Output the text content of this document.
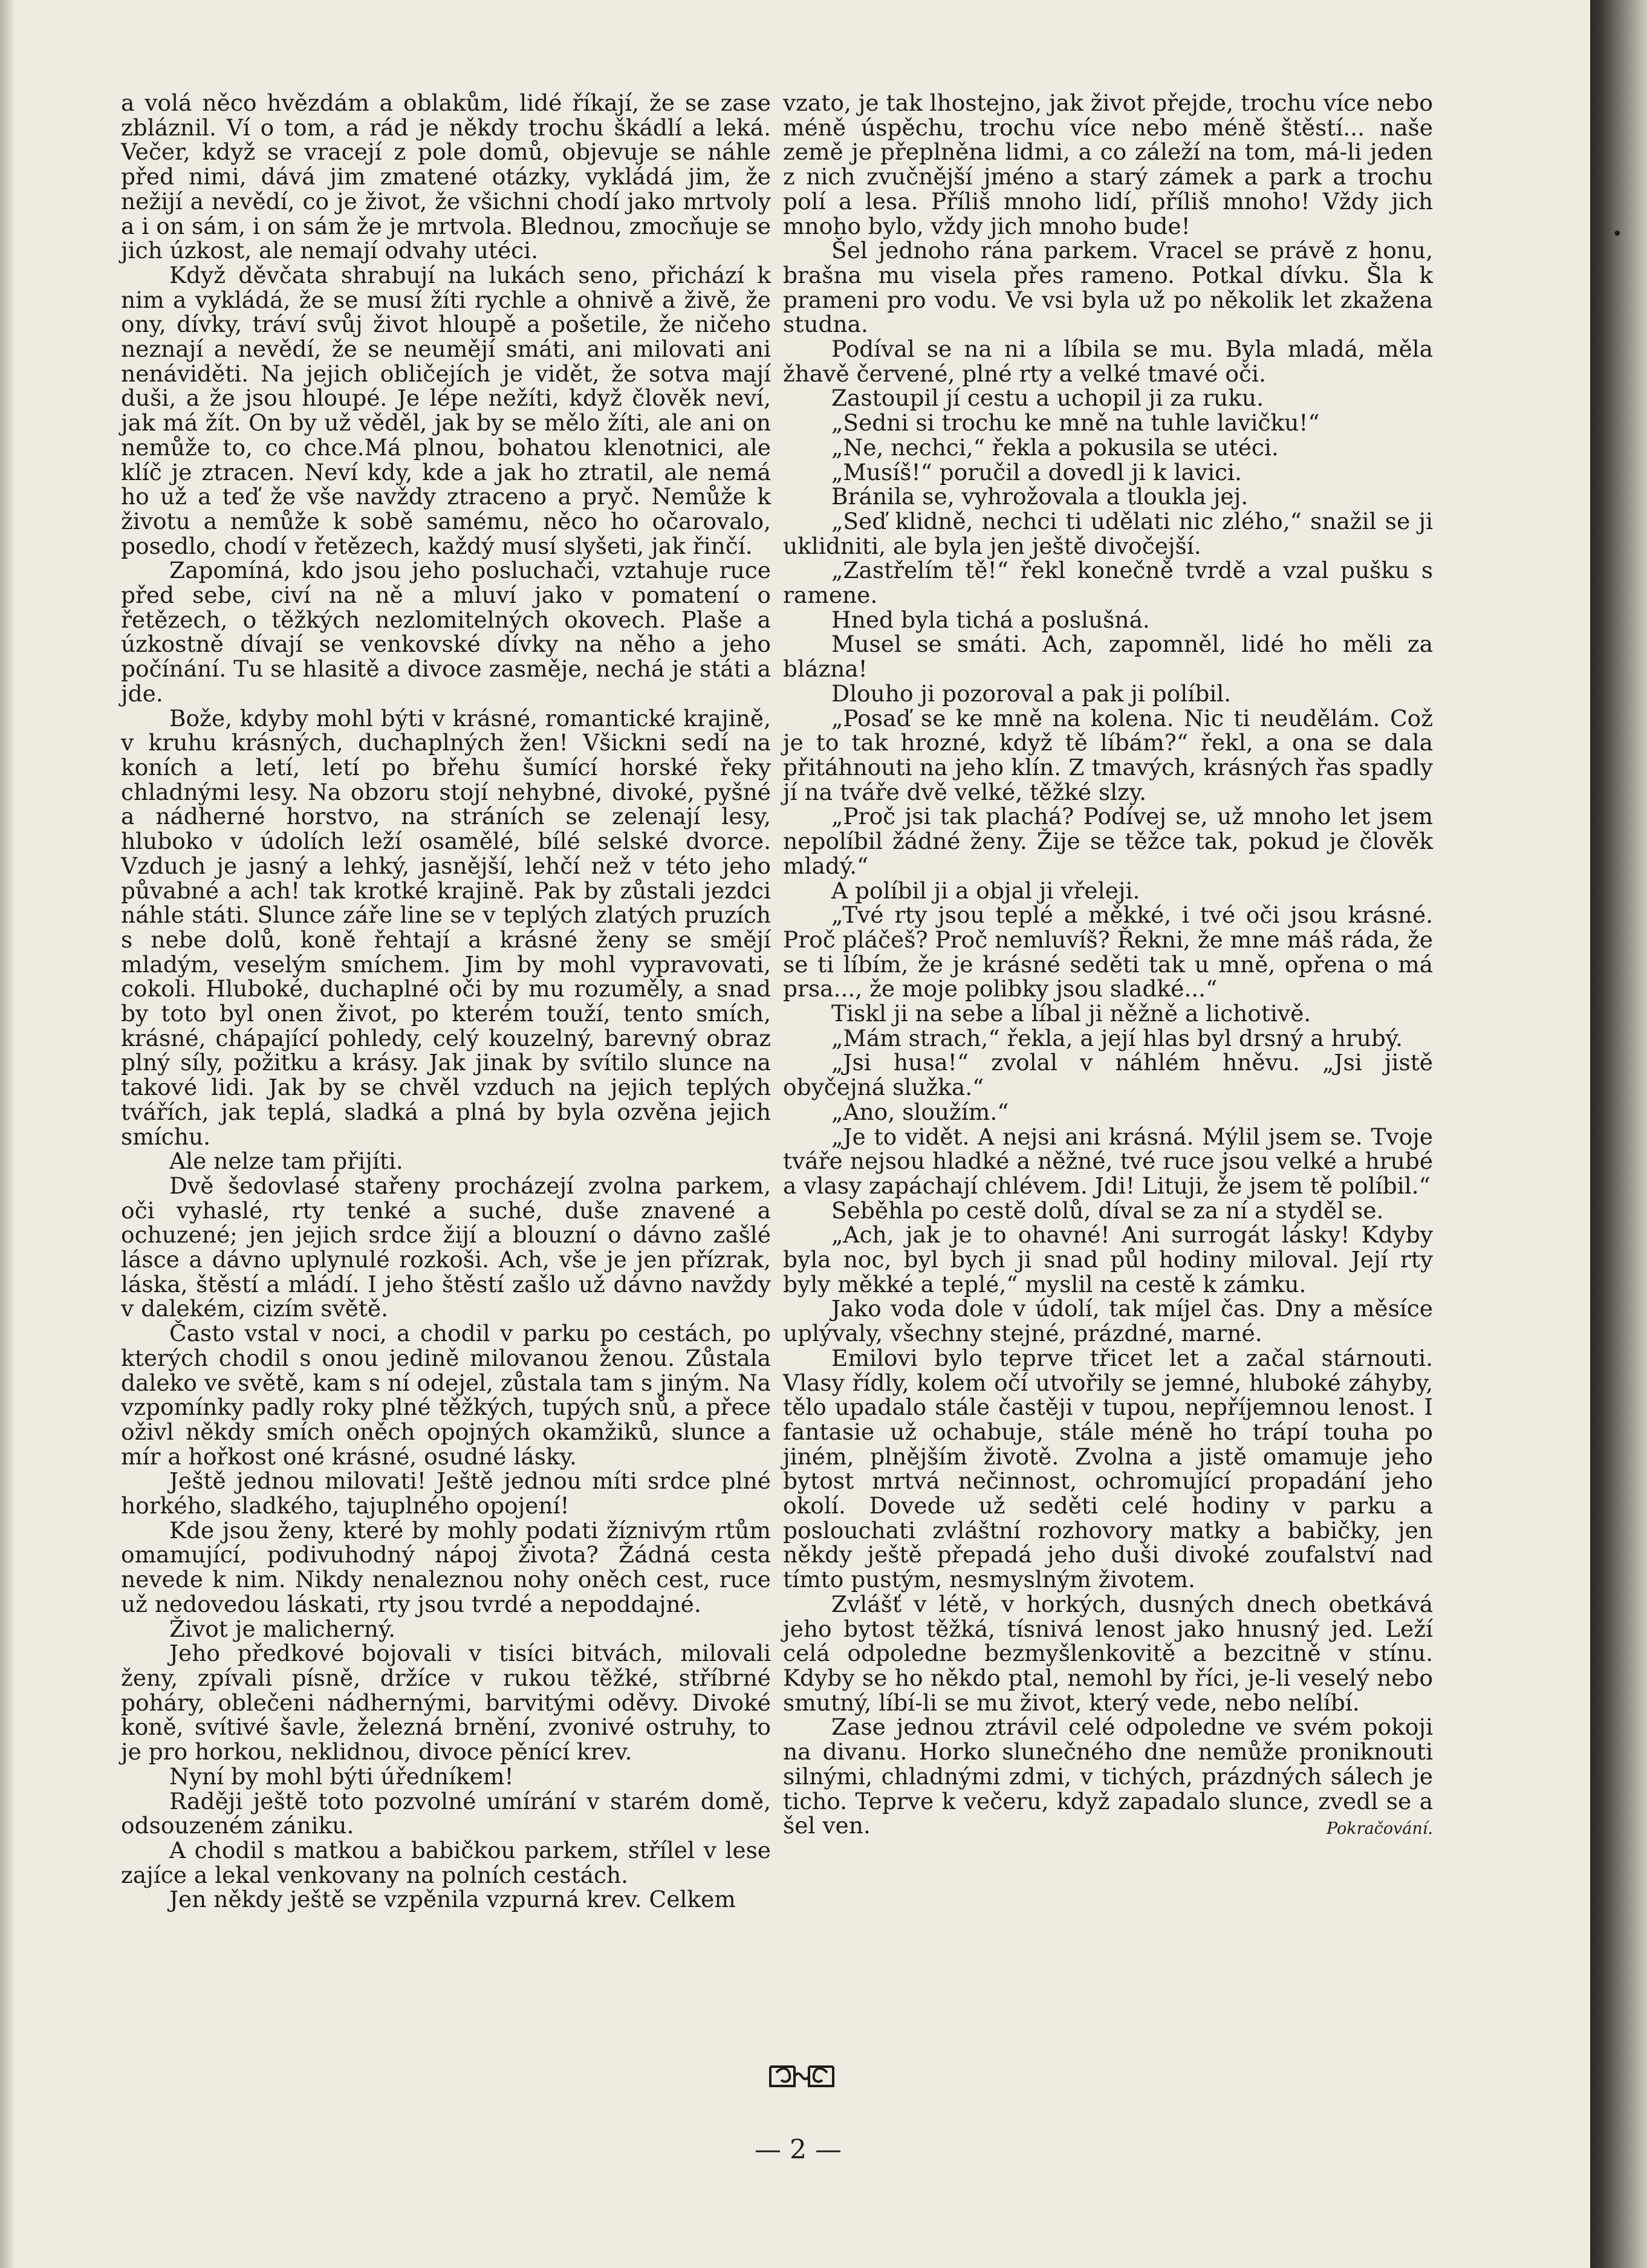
a volá něco hvězdám a oblakům, lidé říkají, že se zase zbláznil. Ví o tom, a rád je někdy trochu škádlí a leká. Večer, když se vracejí z pole domů, objevuje se náhle před nimi, dává jim zmatené otázky, vykládá jim, že nežijí a nevědí, co je život, že všichni chodí jako mrtvoly a i on sám, i on sám že je mrtvola. Blednou, zmocňuje se jich úzkost, ale nemají odvahy utéci.

Když děvčata shrabují na lukách seno, přichází k nim a vykládá, že se musí žíti rychle a ohnivě a živě, že ony, dívky, tráví svůj život hloupě a pošetile, že ničeho neznají a nevědí, že se neumějí smáti, ani milovati ani nenáviděti. Na jejich obličejích je vidět, že sotva mají duši, a že jsou hloupé. Je lépe nežíti, když člověk neví, jak má žít. On by už věděl, jak by se mělo žíti, ale ani on nemůže to, co chce.Má plnou, bohatou klenotnici, ale klíč je ztracen. Neví kdy, kde a jak ho ztratil, ale nemá ho už a teď že vše navždy ztraceno a pryč. Nemůže k životu a nemůže k sobě samému, něco ho očarovalo, posedlo, chodí v řetězech, každý musí slyšeti, jak řinčí.

Zapomíná, kdo jsou jeho posluchači, vztahuje ruce před sebe, civí na ně a mluví jako v pomatení o řetězech, o těžkých nezlomitelných okovech. Plaše a úzkostně dívají se venkovské dívky na něho a jeho počínání. Tu se hlasitě a divoce zasměje, nechá je státi a jde.

Bože, kdyby mohl býti v krásné, romantické krajině, v kruhu krásných, duchaplných žen! Všickni sedí na koních a letí, letí po břehu šumící horské řeky chladnými lesy. Na obzoru stojí nehybné, divoké, pyšné a nádherné horstvo, na stráních se zelenají lesy, hluboko v údolích leží osamělé, bílé selské dvorce. Vzduch je jasný a lehký, jasnější, lehčí než v této jeho půvabné a ach! tak krotké krajině. Pak by zůstali jezdci náhle státi. Slunce záře line se v teplých zlatých pruzích s nebe dolů, koně řehtají a krásné ženy se smějí mladým, veselým smíchem. Jim by mohl vypravovati, cokoli. Hluboké, duchaplné oči by mu rozuměly, a snad by toto byl onen život, po kterém touží, tento smích, krásné, chápající pohledy, celý kouzelný, barevný obraz plný síly, požitku a krásy. Jak jinak by svítilo slunce na takové lidi. Jak by se chvěl vzduch na jejich teplých tvářích, jak teplá, sladká a plná by byla ozvěna jejich smíchu.

Ale nelze tam přijíti.

Dvě šedovlasé stařeny procházejí zvolna parkem, oči vyhaslé, rty tenké a suché, duše znavené a ochuzené; jen jejich srdce žijí a blouzní o dávno zašlé lásce a dávno uplynulé rozkoši. Ach, vše je jen přízrak, láska, štěstí a mládí. I jeho štěstí zašlo už dávno navždy v dalekém, cizím světě.

Často vstal v noci, a chodil v parku po cestách, po kterých chodil s onou jedině milovanou ženou. Zůstala daleko ve světě, kam s ní odejel, zůstala tam s jiným. Na vzpomínky padly roky plné těžkých, tupých snů, a přece oživl někdy smích oněch opojných okamžiků, slunce a mír a hořkost oné krásné, osudné lásky.

Ještě jednou milovati! Ještě jednou míti srdce plné horkého, sladkého, tajuplného opojení!

Kde jsou ženy, které by mohly podati žíznivým rtům omamující, podivuhodný nápoj života? Žádná cesta nevede k nim. Nikdy nenaleznou nohy oněch cest, ruce už nedovedou láskati, rty jsou tvrdé a nepoddajné.

Život je malicherný.

Jeho předkové bojovali v tisíci bitvách, milovali ženy, zpívali písně, držíce v rukou těžké, stříbrné poháry, oblečeni nádhernými, barvitými oděvy. Divoké koně, svítivé šavle, železná brnění, zvonivé ostruhy, to je pro horkou, neklidnou, divoce pěnící krev.

Nyní by mohl býti úředníkem!

Raději ještě toto pozvolné umírání v starém domě, odsouzeném zániku.

A chodil s matkou a babičkou parkem, střílel v lese zajíce a lekal venkovany na polních cestách.

Jen někdy ještě se vzpěnila vzpurná krev. Celkem

vzato, je tak lhostejno, jak život přejde, trochu více nebo méně úspěchu, trochu více nebo méně štěstí... naše země je přeplněna lidmi, a co záleží na tom, má-li jeden z nich zvučnější jméno a starý zámek a park a trochu polí a lesa. Příliš mnoho lidí, příliš mnoho! Vždy jich mnoho bylo, vždy jich mnoho bude!

Šel jednoho rána parkem. Vracel se právě z honu, brašna mu visela přes rameno. Potkal dívku. Šla k prameni pro vodu. Ve vsi byla už po několik let zkažena studna.

Podíval se na ni a líbila se mu. Byla mladá, měla žhavě červené, plné rty a velké tmavé oči.

Zastoupil jí cestu a uchopil ji za ruku.

„Sedni si trochu ke mně na tuhle lavičku!“

„Ne, nechci,“ řekla a pokusila se utéci.

„Musíš!“ poručil a dovedl ji k lavici.

Bránila se, vyhrožovala a tloukla jej.

„Seď klidně, nechci ti udělati nic zlého,“ snažil se ji uklidniti, ale byla jen ještě divočejší.

„Zastřelím tě!“ řekl konečně tvrdě a vzal pušku s ramene.

Hned byla tichá a poslušná.

Musel se smáti. Ach, zapomněl, lidé ho měli za blázna!

Dlouho ji pozoroval a pak ji políbil.

„Posaď se ke mně na kolena. Nic ti neudělám. Což je to tak hrozné, když tě líbám?“ řekl, a ona se dala přitáhnouti na jeho klín. Z tmavých, krásných řas spadly jí na tváře dvě velké, těžké slzy.

„Proč jsi tak plachá? Podívej se, už mnoho let jsem nepolíbil žádné ženy. Žije se těžce tak, pokud je člověk mladý.“

A políbil ji a objal ji vřeleji.

„Tvé rty jsou teplé a měkké, i tvé oči jsou krásné. Proč pláčeš? Proč nemluvíš? Řekni, že mne máš ráda, že se ti líbím, že je krásné seděti tak u mně, opřena o má prsa..., že moje polibky jsou sladké...“

Tiskl ji na sebe a líbal ji něžně a lichotivě.

„Mám strach,“ řekla, a její hlas byl drsný a hrubý.

„Jsi husa!“ zvolal v náhlém hněvu. „Jsi jistě obyčejná služka.“

„Ano, sloužím.“

„Je to vidět. A nejsi ani krásná. Mýlil jsem se. Tvoje tváře nejsou hladké a něžné, tvé ruce jsou velké a hrubé a vlasy zapáchají chlévem. Jdi! Lituji, že jsem tě políbil.“

Seběhla po cestě dolů, díval se za ní a styděl se.

„Ach, jak je to ohavné! Ani surrogát lásky! Kdyby byla noc, byl bych ji snad půl hodiny miloval. Její rty byly měkké a teplé,“ myslil na cestě k zámku.

Jako voda dole v údolí, tak míjel čas. Dny a měsíce uplývaly, všechny stejné, prázdné, marné.

Emilovi bylo teprve třicet let a začal stárnouti. Vlasy řídly, kolem očí utvořily se jemné, hluboké záhyby, tělo upadalo stále častěji v tupou, nepříjemnou lenost. I fantasie už ochabuje, stále méně ho trápí touha po jiném, plnějším životě. Zvolna a jistě omamuje jeho bytost mrtvá nečinnost, ochromující propadání jeho okolí. Dovede už seděti celé hodiny v parku a poslouchati zvláštní rozhovory matky a babičky, jen někdy ještě přepadá jeho duši divoké zoufalství nad tímto pustým, nesmyslným životem.

Zvlášť v létě, v horkých, dusných dnech obetkává jeho bytost těžká, tísnivá lenost jako hnusný jed. Leží celá odpoledne bezmyšlenkovitě a bezcitně v stínu. Kdyby se ho někdo ptal, nemohl by říci, je-li veselý nebo smutný, líbí-li se mu život, který vede, nebo nelíbí.

Zase jednou ztrávil celé odpoledne ve svém pokoji na divanu. Horko slunečného dne nemůže proniknouti silnými, chladnými zdmi, v tichých, prázdných sálech je ticho. Teprve k večeru, když zapadalo slunce, zvedl se a šel ven.	Pokračování.

— 2 —
•
